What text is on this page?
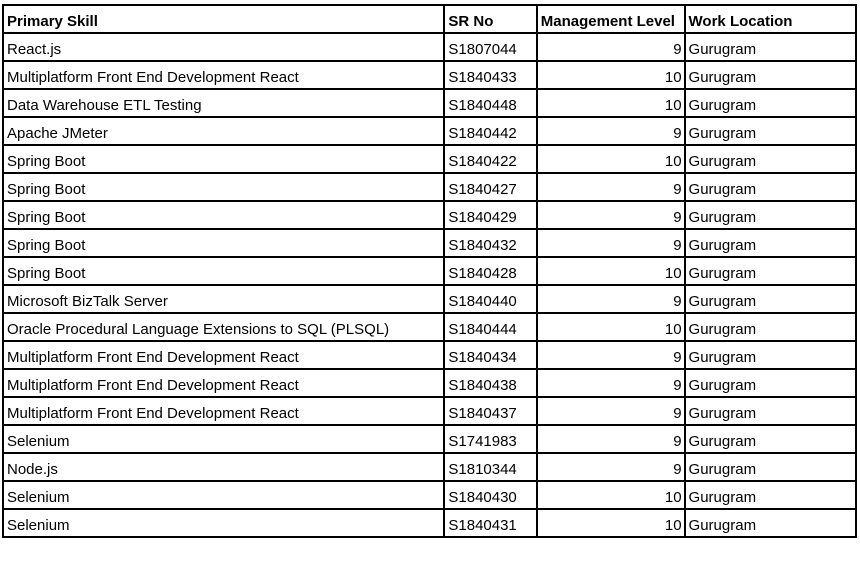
Primary Skill	SR No	Management Level	Work Location
React.js	S1807044	9	Gurugram
Multiplatform Front End Development React	S1840433	10	Gurugram
Data Warehouse ETL Testing	S1840448	10	Gurugram
Apache JMeter	S1840442	9	Gurugram
Spring Boot	S1840422	10	Gurugram
Spring Boot	S1840427	9	Gurugram
Spring Boot	S1840429	9	Gurugram
Spring Boot	S1840432	9	Gurugram
Spring Boot	S1840428	10	Gurugram
Microsoft BizTalk Server	S1840440	9	Gurugram
Oracle Procedural Language Extensions to SQL (PLSQL)	S1840444	10	Gurugram
Multiplatform Front End Development React	S1840434	9	Gurugram
Multiplatform Front End Development React	S1840438	9	Gurugram
Multiplatform Front End Development React	S1840437	9	Gurugram
Selenium	S1741983	9	Gurugram
Node.js	S1810344	9	Gurugram
Selenium	S1840430	10	Gurugram
Selenium	S1840431	10	Gurugram
